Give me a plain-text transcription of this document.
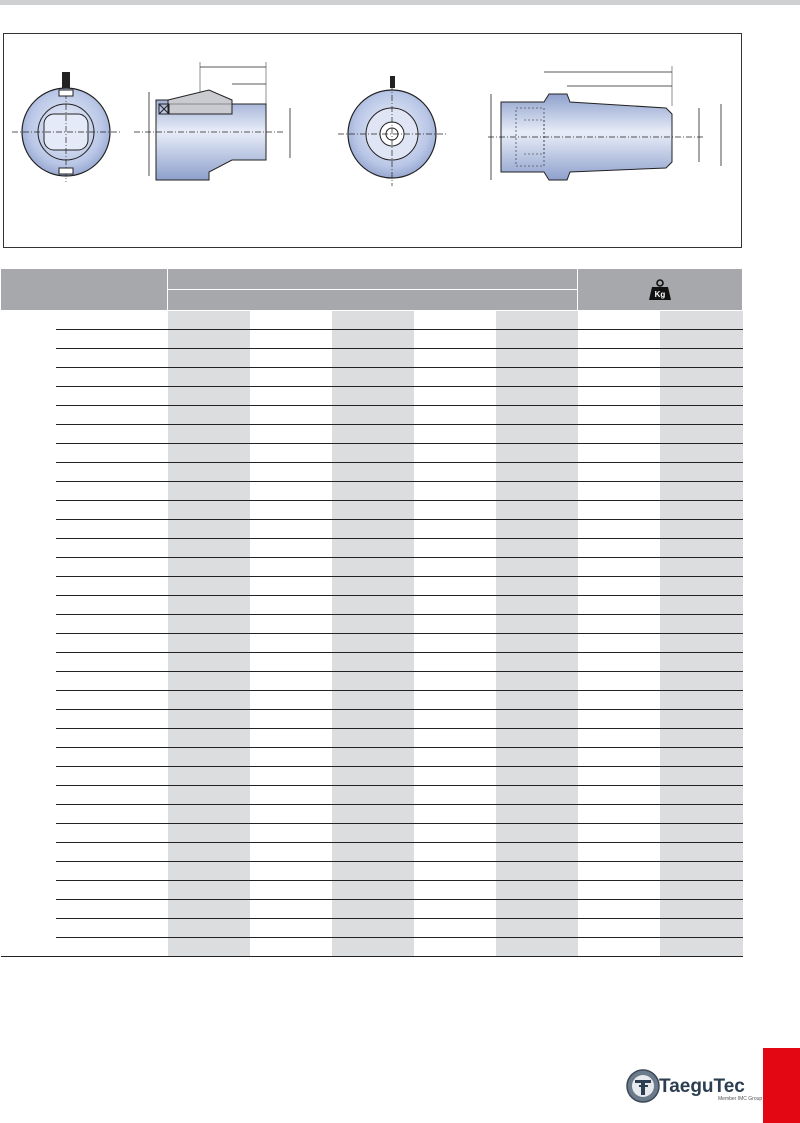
Kg	

TaeguTec
Member IMC Group
